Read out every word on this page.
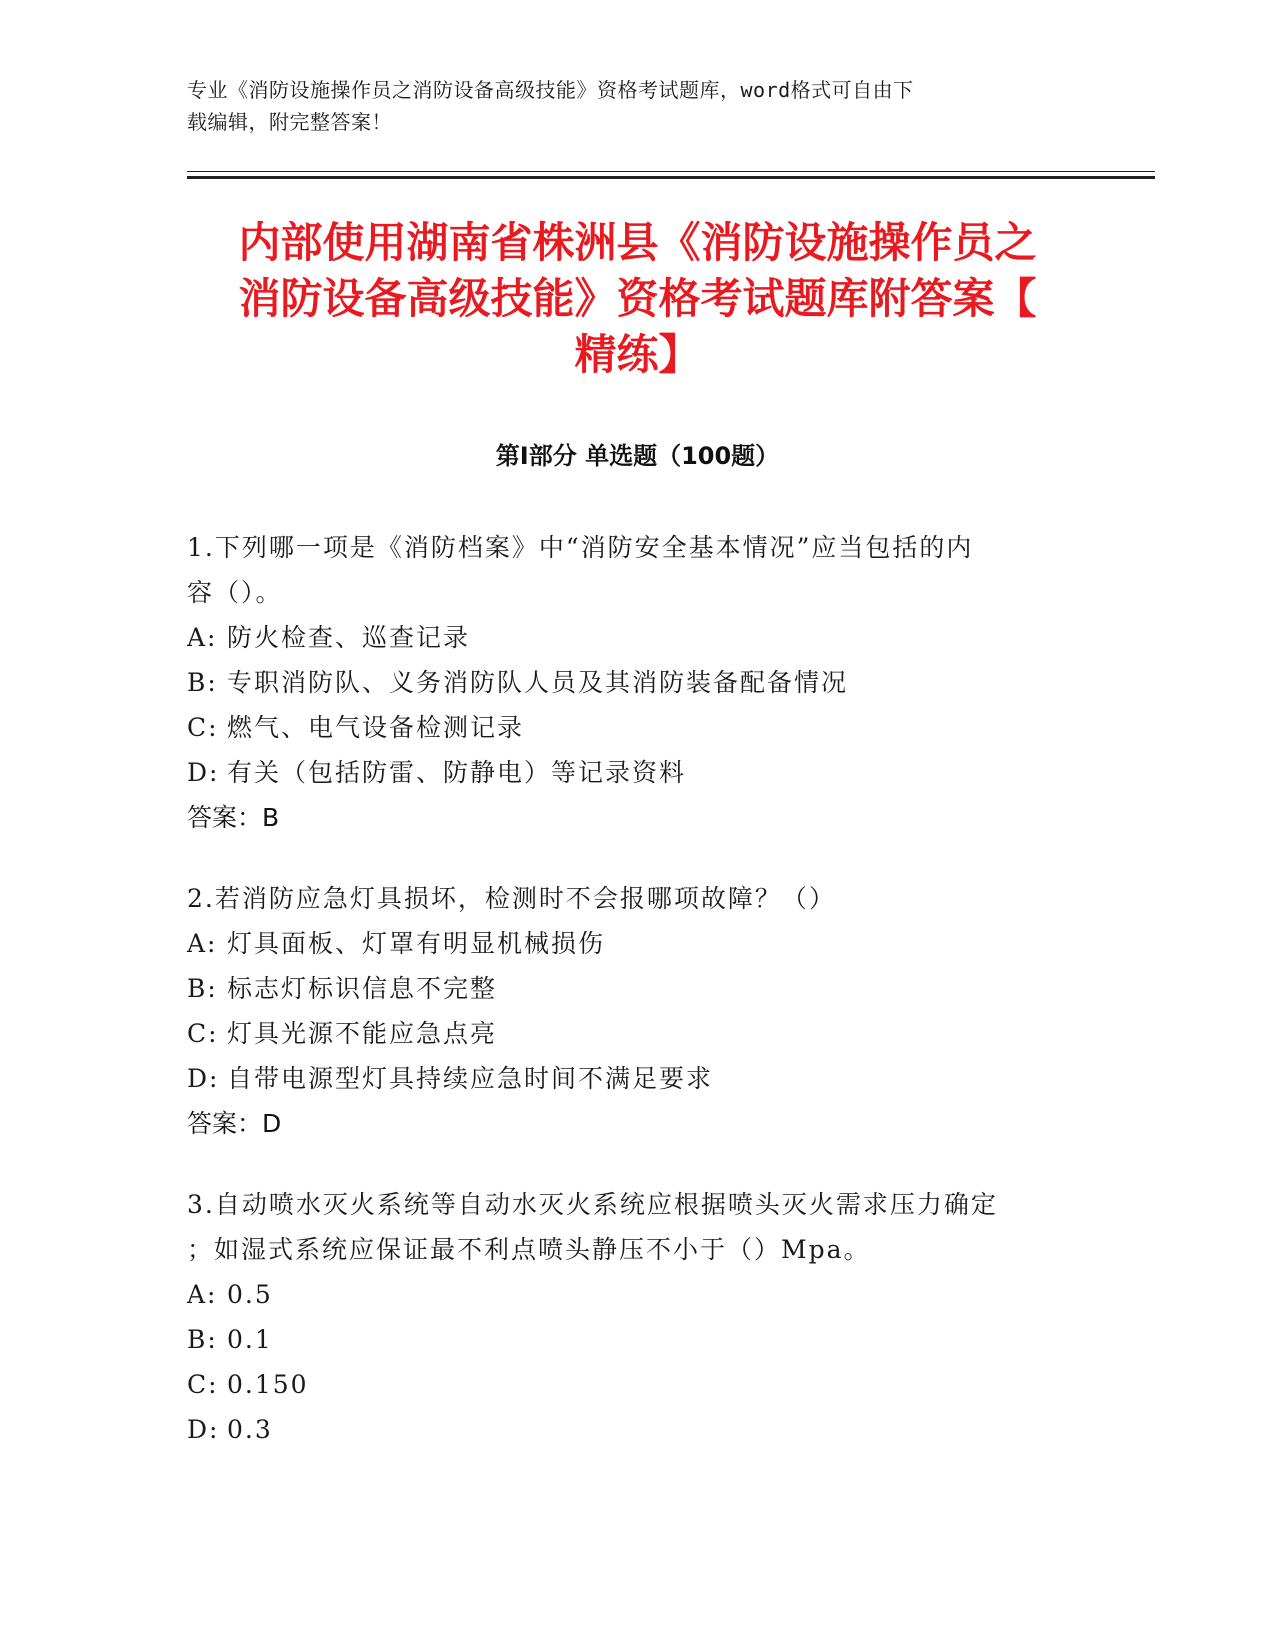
专业《消防设施操作员之消防设备高级技能》资格考试题库，word格式可自由下
载编辑，附完整答案！
内部使用湖南省株洲县《消防设施操作员之
消防设备高级技能》资格考试题库附答案【
精练】
第Ⅰ部分 单选题（100题）

1.下列哪一项是《消防档案》中“消防安全基本情况”应当包括的内

容（）。

A: 防火检查、巡查记录

B: 专职消防队、义务消防队人员及其消防装备配备情况

C: 燃气、电气设备检测记录

D: 有关（包括防雷、防静电）等记录资料

答案：B

2.若消防应急灯具损坏，检测时不会报哪项故障？（）

A: 灯具面板、灯罩有明显机械损伤

B: 标志灯标识信息不完整

C: 灯具光源不能应急点亮

D: 自带电源型灯具持续应急时间不满足要求

答案：D

3.自动喷水灭火系统等自动水灭火系统应根据喷头灭火需求压力确定

；如湿式系统应保证最不利点喷头静压不小于（）Mpa。

A: 0.5

B: 0.1

C: 0.150

D: 0.3
